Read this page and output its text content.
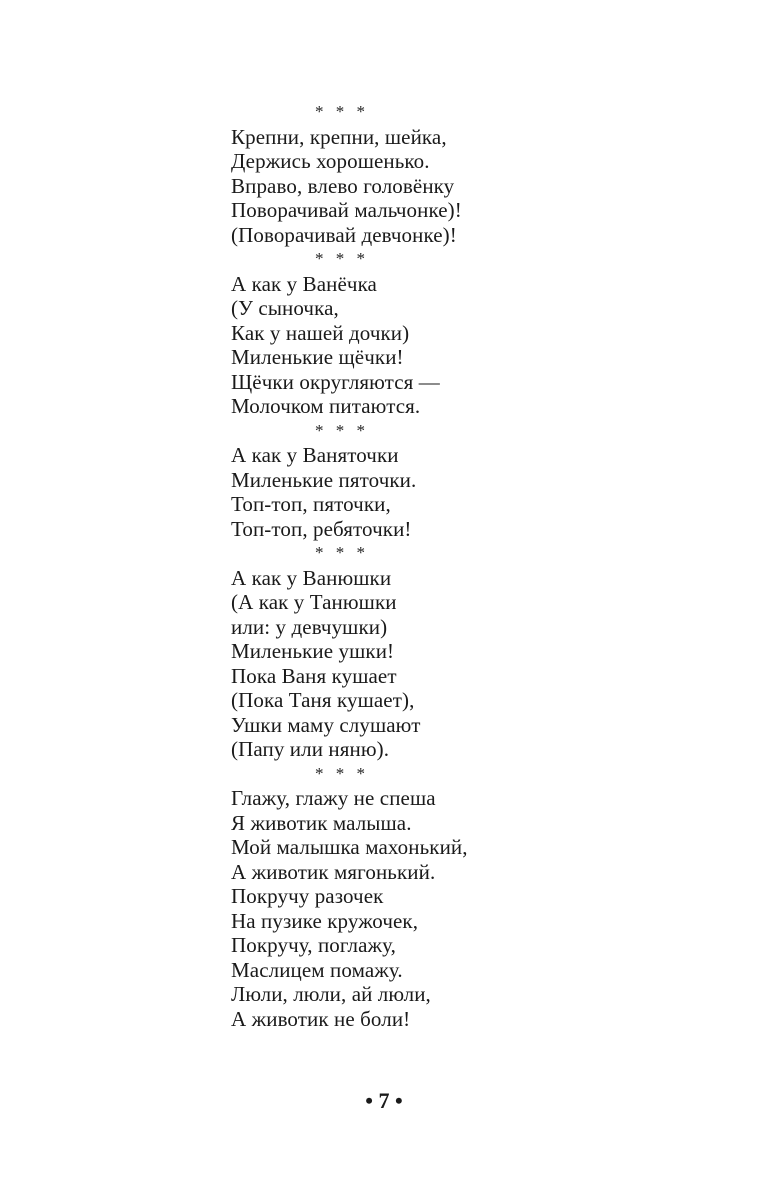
* * *
Крепни, крепни, шейка,
Держись хорошенько.
Вправо, влево головёнку
Поворачивай мальчонке)!
(Поворачивай девчонке)!
* * *
А как у Ванёчка
(У сыночка,
Как у нашей дочки)
Миленькие щёчки!
Щёчки округляются —
Молочком питаются.
* * *
А как у Ваняточки
Миленькие пяточки.
Топ-топ, пяточки,
Топ-топ, ребяточки!
* * *
А как у Ванюшки
(А как у Танюшки
или: у девчушки)
Миленькие ушки!
Пока Ваня кушает
(Пока Таня кушает),
Ушки маму слушают
(Папу или няню).
* * *
Глажу, глажу не спеша
Я животик малыша.
Мой малышка махонький,
А животик мягонький.
Покручу разочек
На пузике кружочек,
Покручу, поглажу,
Маслицем помажу.
Люли, люли, ай люли,
А животик не боли!
• 7 •
